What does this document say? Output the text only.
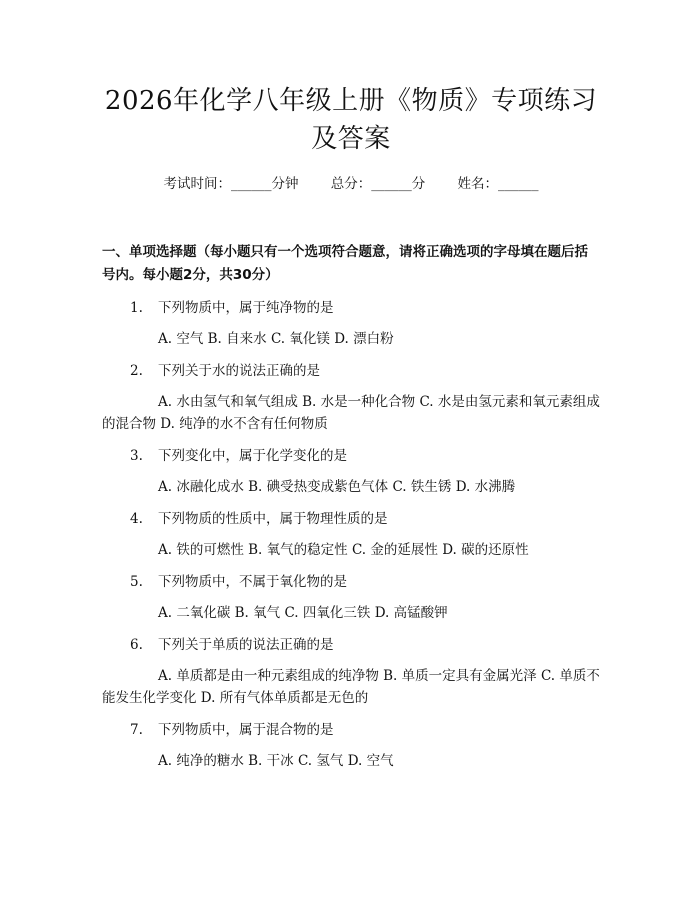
2026年化学八年级上册《物质》专项练习及答案
考试时间：______分钟 总分：______分 姓名：______
一、单项选择题（每小题只有一个选项符合题意，请将正确选项的字母填在题后括号内。每小题2分，共30分）
1. 下列物质中，属于纯净物的是
A. 空气 B. 自来水 C. 氧化镁 D. 漂白粉
2. 下列关于水的说法正确的是
A. 水由氢气和氧气组成 B. 水是一种化合物 C. 水是由氢元素和氧元素组成的混合物 D. 纯净的水不含有任何物质
3. 下列变化中，属于化学变化的是
A. 冰融化成水 B. 碘受热变成紫色气体 C. 铁生锈 D. 水沸腾
4. 下列物质的性质中，属于物理性质的是
A. 铁的可燃性 B. 氧气的稳定性 C. 金的延展性 D. 碳的还原性
5. 下列物质中，不属于氧化物的是
A. 二氧化碳 B. 氧气 C. 四氧化三铁 D. 高锰酸钾
6. 下列关于单质的说法正确的是
A. 单质都是由一种元素组成的纯净物 B. 单质一定具有金属光泽 C. 单质不能发生化学变化 D. 所有气体单质都是无色的
7. 下列物质中，属于混合物的是
A. 纯净的糖水 B. 干冰 C. 氢气 D. 空气
